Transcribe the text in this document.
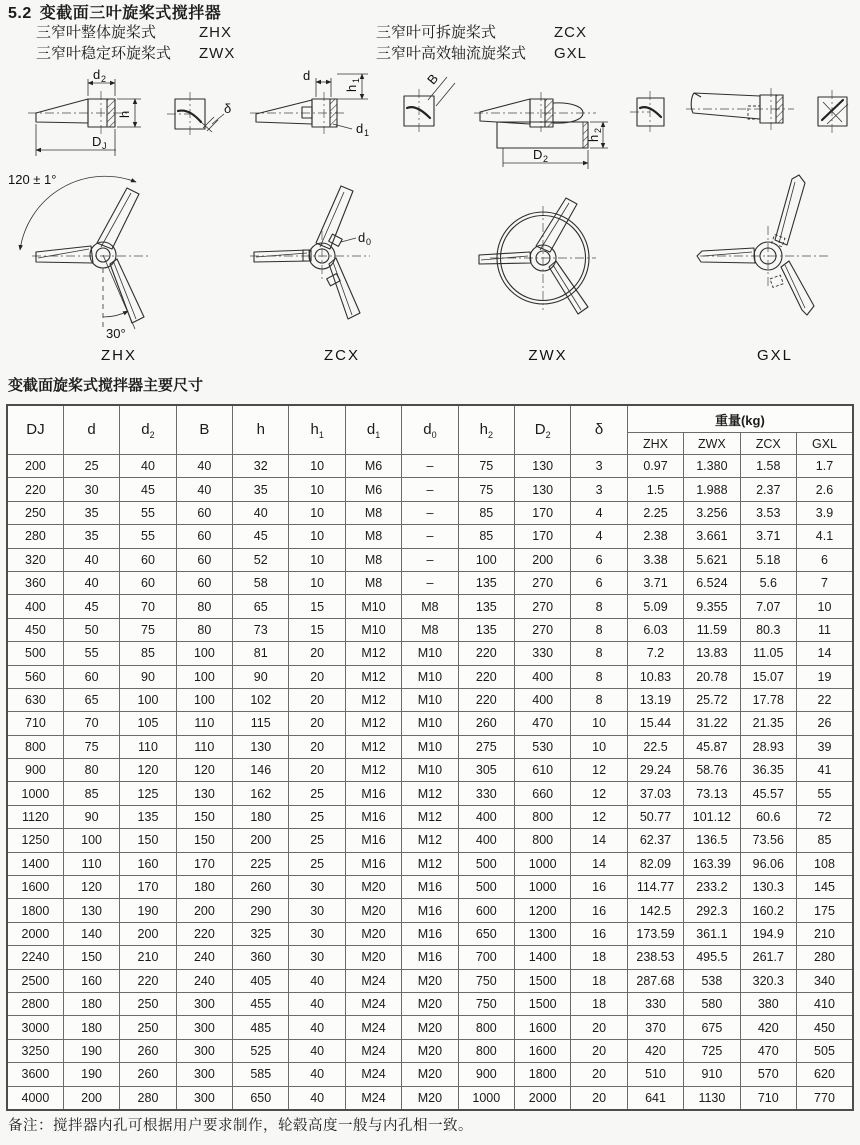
5.2 变截面三叶旋桨式搅拌器
三窄叶整体旋桨式	ZHX
三窄叶稳定环旋桨式	ZWX
三窄叶可拆旋桨式	ZCX
三窄叶高效轴流旋桨式	GXL
d 2
h
D J
δ
d
h
1
d 1
B
D 2
h
2
120 ± 1°
30°
ZHX
d 0
ZCX	ZWX	GXL
变截面旋桨式搅拌器主要尺寸
DJ	d	$d_2$	B	h	$h_1$	$d_1$	$d_0$	$h_2$	$D_2$	δ	重量(kg)			
											ZHX	ZWX	ZCX	GXL
200	25	40	40	32	10	M6	–	75	130	3	0.97	1.380	1.58	1.7
220	30	45	40	35	10	M6	–	75	130	3	1.5	1.988	2.37	2.6
250	35	55	60	40	10	M8	–	85	170	4	2.25	3.256	3.53	3.9
280	35	55	60	45	10	M8	–	85	170	4	2.38	3.661	3.71	4.1
320	40	60	60	52	10	M8	–	100	200	6	3.38	5.621	5.18	6
360	40	60	60	58	10	M8	–	135	270	6	3.71	6.524	5.6	7
400	45	70	80	65	15	M10	M8	135	270	8	5.09	9.355	7.07	10
450	50	75	80	73	15	M10	M8	135	270	8	6.03	11.59	80.3	11
500	55	85	100	81	20	M12	M10	220	330	8	7.2	13.83	11.05	14
560	60	90	100	90	20	M12	M10	220	400	8	10.83	20.78	15.07	19
630	65	100	100	102	20	M12	M10	220	400	8	13.19	25.72	17.78	22
710	70	105	110	115	20	M12	M10	260	470	10	15.44	31.22	21.35	26
800	75	110	110	130	20	M12	M10	275	530	10	22.5	45.87	28.93	39
900	80	120	120	146	20	M12	M10	305	610	12	29.24	58.76	36.35	41
1000	85	125	130	162	25	M16	M12	330	660	12	37.03	73.13	45.57	55
1120	90	135	150	180	25	M16	M12	400	800	12	50.77	101.12	60.6	72
1250	100	150	150	200	25	M16	M12	400	800	14	62.37	136.5	73.56	85
1400	110	160	170	225	25	M16	M12	500	1000	14	82.09	163.39	96.06	108
1600	120	170	180	260	30	M20	M16	500	1000	16	114.77	233.2	130.3	145
1800	130	190	200	290	30	M20	M16	600	1200	16	142.5	292.3	160.2	175
2000	140	200	220	325	30	M20	M16	650	1300	16	173.59	361.1	194.9	210
2240	150	210	240	360	30	M20	M16	700	1400	18	238.53	495.5	261.7	280
2500	160	220	240	405	40	M24	M20	750	1500	18	287.68	538	320.3	340
2800	180	250	300	455	40	M24	M20	750	1500	18	330	580	380	410
3000	180	250	300	485	40	M24	M20	800	1600	20	370	675	420	450
3250	190	260	300	525	40	M24	M20	800	1600	20	420	725	470	505
3600	190	260	300	585	40	M24	M20	900	1800	20	510	910	570	620
4000	200	280	300	650	40	M24	M20	1000	2000	20	641	1130	710	770

备注：搅拌器内孔可根据用户要求制作，轮毂高度一般与内孔相一致。
